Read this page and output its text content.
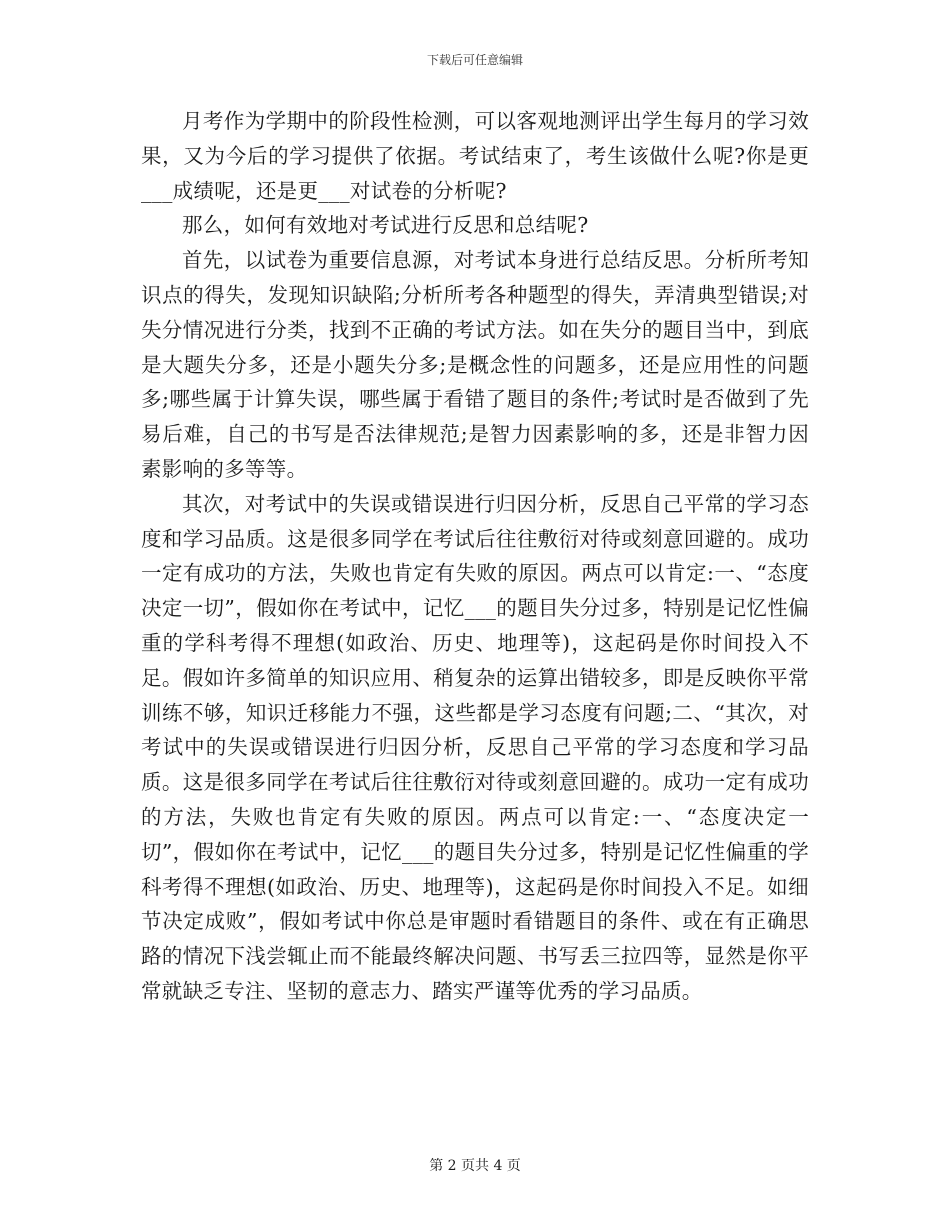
下载后可任意编辑

月考作为学期中的阶段性检测，可以客观地测评出学生每月的学习效果，又为今后的学习提供了依据。考试结束了，考生该做什么呢?你是更___成绩呢，还是更___对试卷的分析呢?

那么，如何有效地对考试进行反思和总结呢?

首先，以试卷为重要信息源，对考试本身进行总结反思。分析所考知识点的得失，发现知识缺陷;分析所考各种题型的得失，弄清典型错误;对失分情况进行分类，找到不正确的考试方法。如在失分的题目当中，到底是大题失分多，还是小题失分多;是概念性的问题多，还是应用性的问题多;哪些属于计算失误，哪些属于看错了题目的条件;考试时是否做到了先易后难，自己的书写是否法律规范;是智力因素影响的多，还是非智力因素影响的多等等。

其次，对考试中的失误或错误进行归因分析，反思自己平常的学习态度和学习品质。这是很多同学在考试后往往敷衍对待或刻意回避的。成功一定有成功的方法，失败也肯定有失败的原因。两点可以肯定:一、“态度决定一切”，假如你在考试中，记忆___的题目失分过多，特别是记忆性偏重的学科考得不理想(如政治、历史、地理等)，这起码是你时间投入不足。假如许多简单的知识应用、稍复杂的运算出错较多，即是反映你平常训练不够，知识迁移能力不强，这些都是学习态度有问题;二、“其次，对考试中的失误或错误进行归因分析，反思自己平常的学习态度和学习品质。这是很多同学在考试后往往敷衍对待或刻意回避的。成功一定有成功的方法，失败也肯定有失败的原因。两点可以肯定:一、“态度决定一切”，假如你在考试中，记忆___的题目失分过多，特别是记忆性偏重的学科考得不理想(如政治、历史、地理等)，这起码是你时间投入不足。如细节决定成败”，假如考试中你总是审题时看错题目的条件、或在有正确思路的情况下浅尝辄止而不能最终解决问题、书写丢三拉四等，显然是你平常就缺乏专注、坚韧的意志力、踏实严谨等优秀的学习品质。

第 2 页共 4 页
